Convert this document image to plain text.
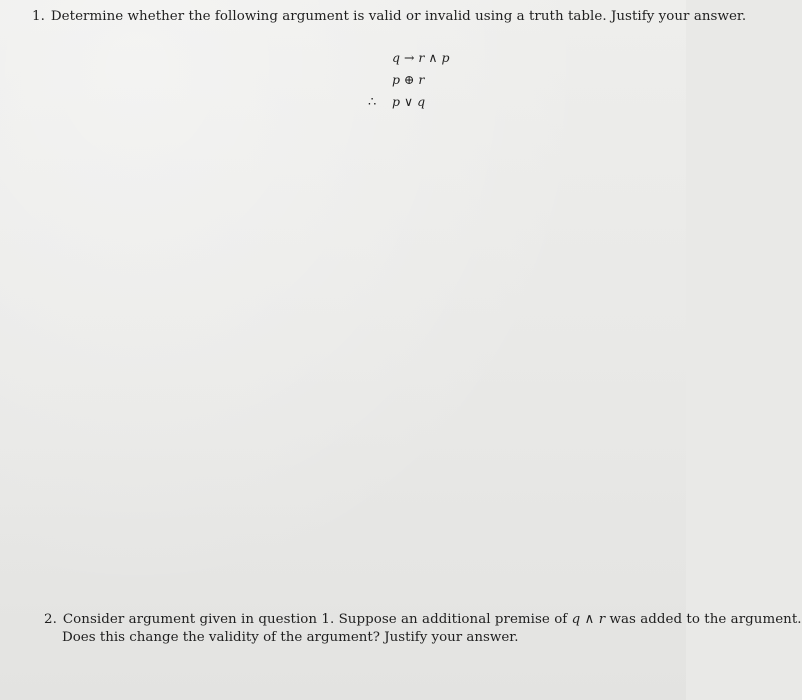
1. Determine whether the following argument is valid or invalid using a truth table. Justify your answer.
q → r ∧ p
p ⊕ r
∴ p ∨ q
2. Consider argument given in question 1. Suppose an additional premise of q ∧ r was added to the argument.
Does this change the validity of the argument? Justify your answer.
